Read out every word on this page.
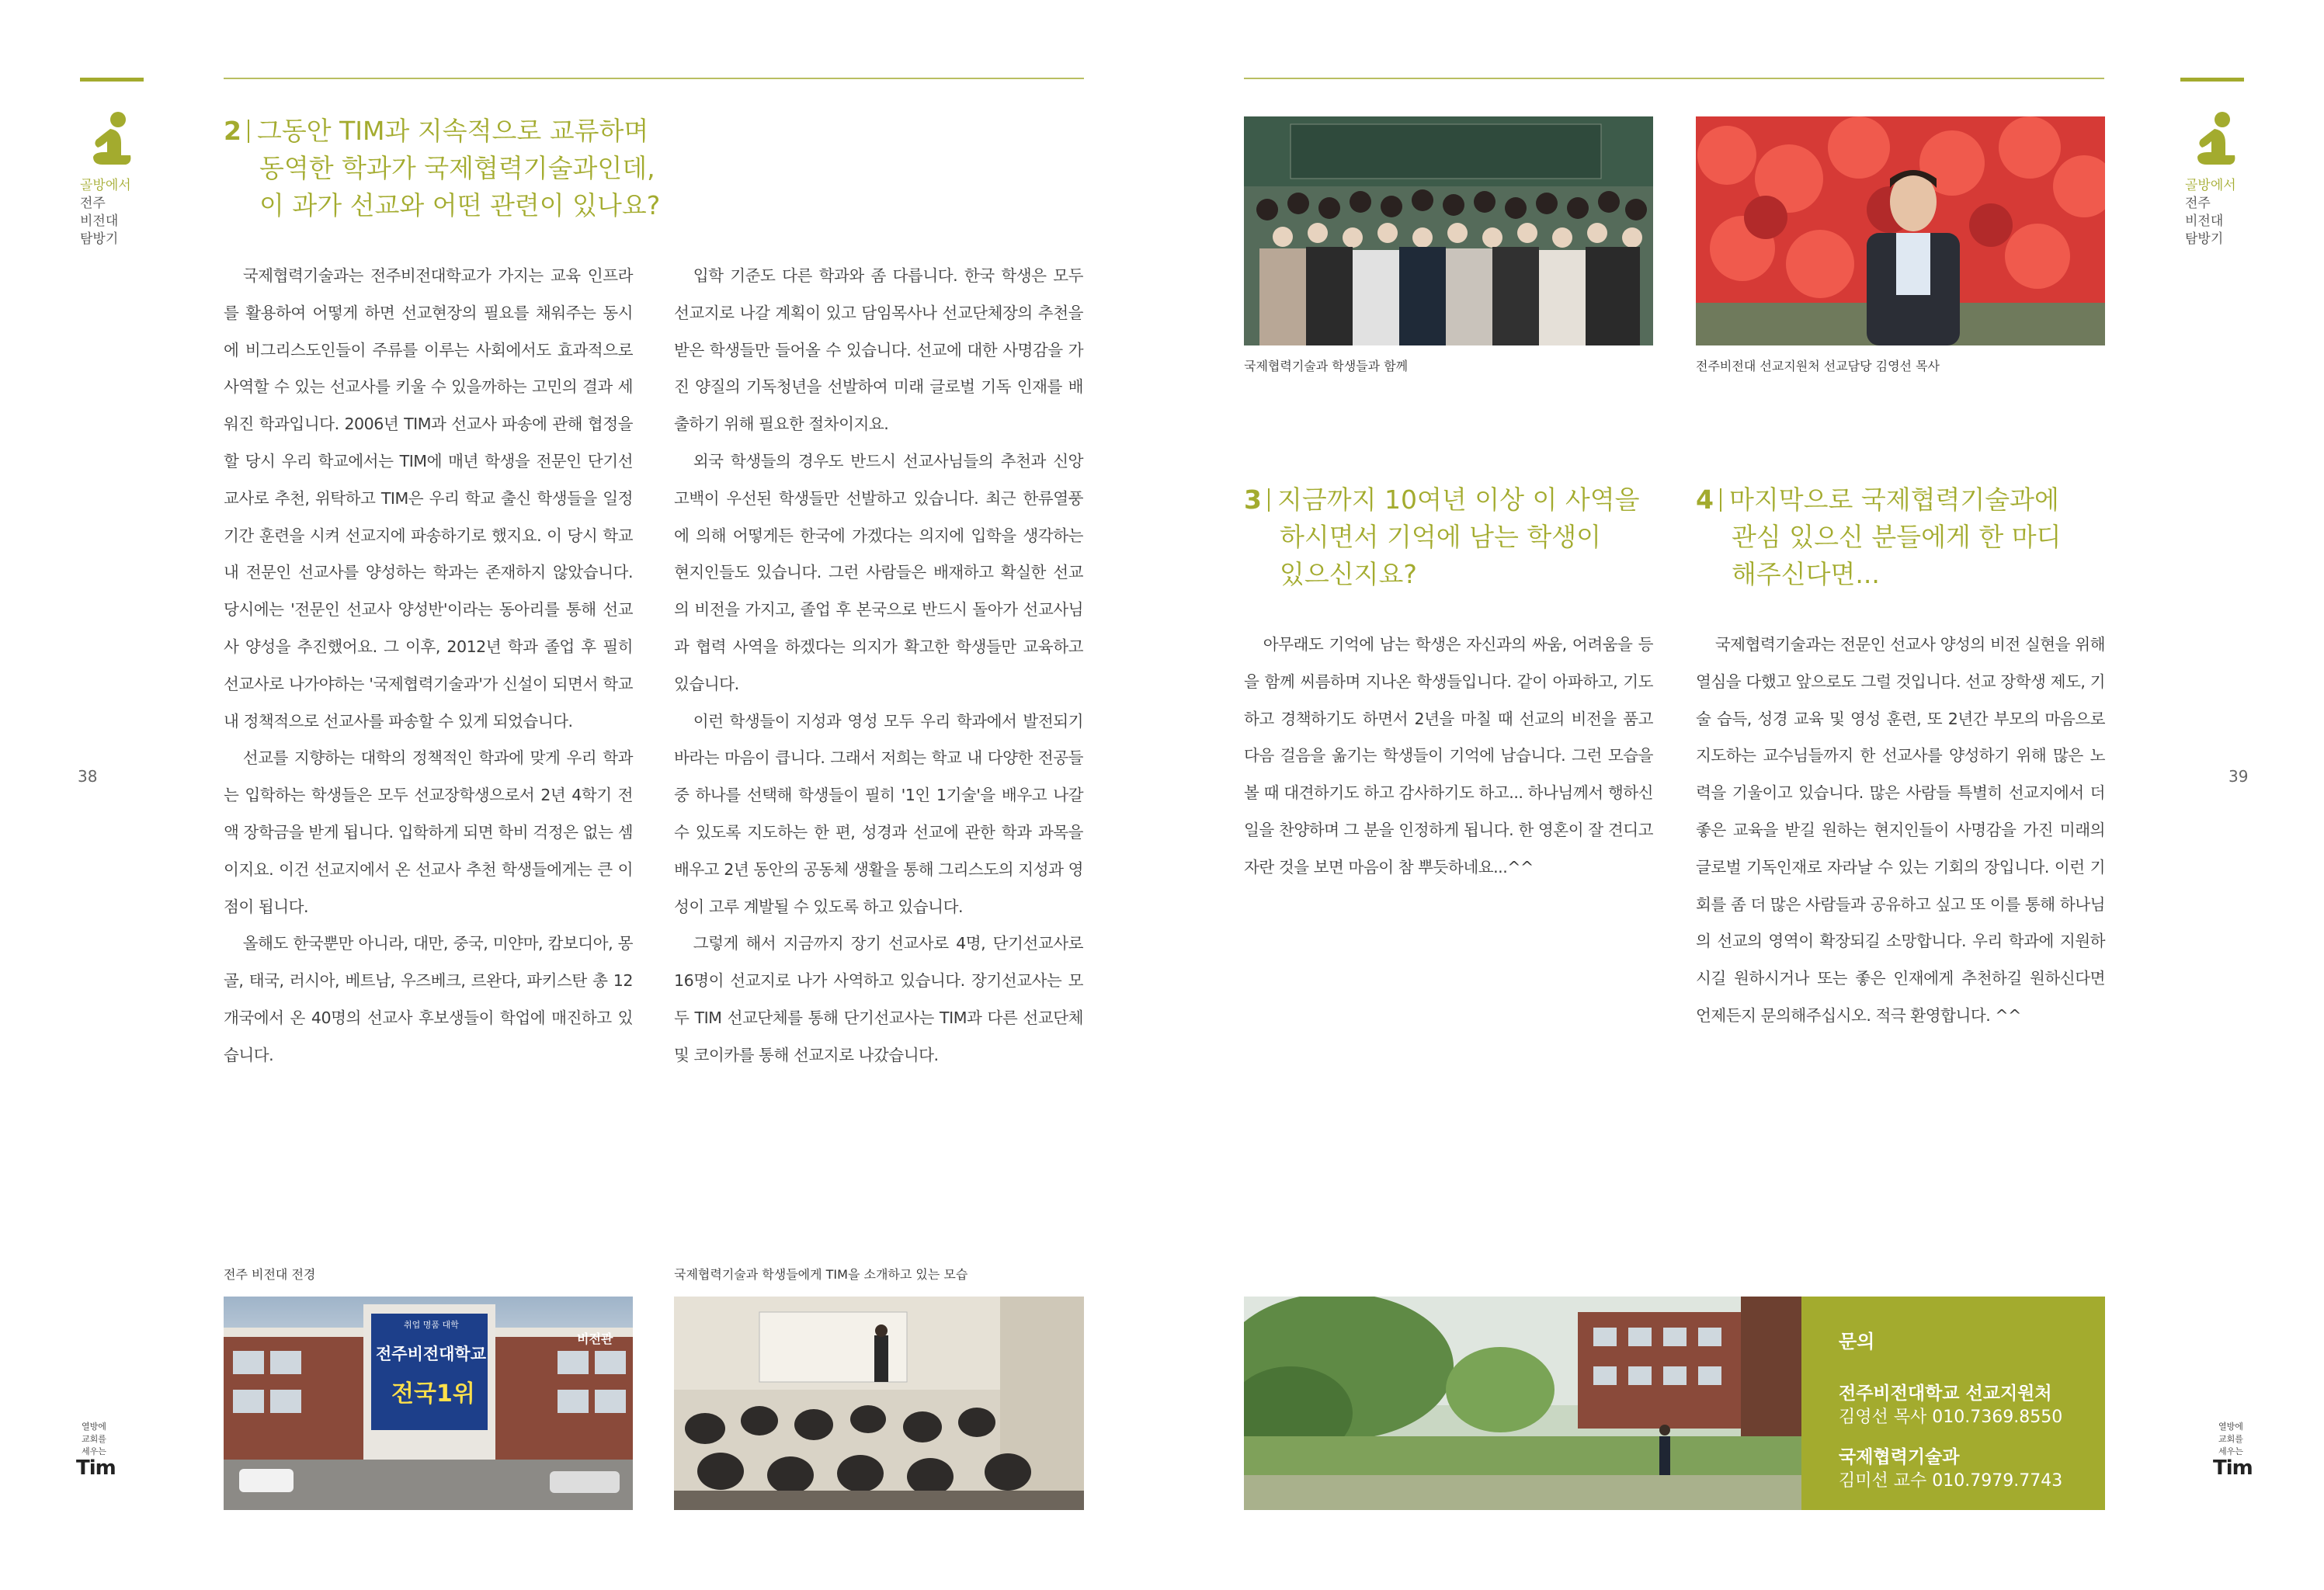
골방에서
전주
비전대
탐방기
2 그동안 TIM과 지속적으로 교류하며
동역한 학과가 국제협력기술과인데,
이 과가 선교와 어떤 관련이 있나요?

국제협력기술과는 전주비전대학교가 가지는 교육 인프라를 활용하여 어떻게 하면 선교현장의 필요를 채워주는 동시에 비그리스도인들이 주류를 이루는 사회에서도 효과적으로 사역할 수 있는 선교사를 키울 수 있을까하는 고민의 결과 세워진 학과입니다. 2006년 TIM과 선교사 파송에 관해 협정을 할 당시 우리 학교에서는 TIM에 매년 학생을 전문인 단기선교사로 추천, 위탁하고 TIM은 우리 학교 출신 학생들을 일정 기간 훈련을 시켜 선교지에 파송하기로 했지요. 이 당시 학교 내 전문인 선교사를 양성하는 학과는 존재하지 않았습니다. 당시에는 '전문인 선교사 양성반'이라는 동아리를 통해 선교사 양성을 추진했어요. 그 이후, 2012년 학과 졸업 후 필히 선교사로 나가야하는 '국제협력기술과'가 신설이 되면서 학교 내 정책적으로 선교사를 파송할 수 있게 되었습니다.

선교를 지향하는 대학의 정책적인 학과에 맞게 우리 학과는 입학하는 학생들은 모두 선교장학생으로서 2년 4학기 전액 장학금을 받게 됩니다. 입학하게 되면 학비 걱정은 없는 셈이지요. 이건 선교지에서 온 선교사 추천 학생들에게는 큰 이점이 됩니다.

올해도 한국뿐만 아니라, 대만, 중국, 미얀마, 캄보디아, 몽골, 태국, 러시아, 베트남, 우즈베크, 르완다, 파키스탄 총 12개국에서 온 40명의 선교사 후보생들이 학업에 매진하고 있습니다.

입학 기준도 다른 학과와 좀 다릅니다. 한국 학생은 모두 선교지로 나갈 계획이 있고 담임목사나 선교단체장의 추천을 받은 학생들만 들어올 수 있습니다. 선교에 대한 사명감을 가진 양질의 기독청년을 선발하여 미래 글로벌 기독 인재를 배출하기 위해 필요한 절차이지요.

외국 학생들의 경우도 반드시 선교사님들의 추천과 신앙 고백이 우선된 학생들만 선발하고 있습니다. 최근 한류열풍에 의해 어떻게든 한국에 가겠다는 의지에 입학을 생각하는 현지인들도 있습니다. 그런 사람들은 배재하고 확실한 선교의 비전을 가지고, 졸업 후 본국으로 반드시 돌아가 선교사님과 협력 사역을 하겠다는 의지가 확고한 학생들만 교육하고 있습니다.

이런 학생들이 지성과 영성 모두 우리 학과에서 발전되기 바라는 마음이 큽니다. 그래서 저희는 학교 내 다양한 전공들 중 하나를 선택해 학생들이 필히 '1인 1기술'을 배우고 나갈 수 있도록 지도하는 한 편, 성경과 선교에 관한 학과 과목을 배우고 2년 동안의 공동체 생활을 통해 그리스도의 지성과 영성이 고루 계발될 수 있도록 하고 있습니다.

그렇게 해서 지금까지 장기 선교사로 4명, 단기선교사로 16명이 선교지로 나가 사역하고 있습니다. 장기선교사는 모두 TIM 선교단체를 통해 단기선교사는 TIM과 다른 선교단체 및 코이카를 통해 선교지로 나갔습니다.

38
전주 비전대 전경	국제협력기술과 학생들에게 TIM을 소개하고 있는 모습
비전관
취업 명품 대학
전주비전대학교
전국1위
열방에
교회를
세우는
Tim
골방에서
전주
비전대
탐방기
국제협력기술과 학생들과 함께	전주비전대 선교지원처 선교담당 김영선 목사
3 지금까지 10여년 이상 이 사역을
하시면서 기억에 남는 학생이
있으신지요?
4 마지막으로 국제협력기술과에
관심 있으신 분들에게 한 마디
해주신다면...

아무래도 기억에 남는 학생은 자신과의 싸움, 어려움을 등을 함께 씨름하며 지나온 학생들입니다. 같이 아파하고, 기도하고 경책하기도 하면서 2년을 마칠 때 선교의 비전을 품고 다음 걸음을 옮기는 학생들이 기억에 남습니다. 그런 모습을 볼 때 대견하기도 하고 감사하기도 하고... 하나님께서 행하신 일을 찬양하며 그 분을 인정하게 됩니다. 한 영혼이 잘 견디고 자란 것을 보면 마음이 참 뿌듯하네요...^^

국제협력기술과는 전문인 선교사 양성의 비전 실현을 위해 열심을 다했고 앞으로도 그럴 것입니다. 선교 장학생 제도, 기술 습득, 성경 교육 및 영성 훈련, 또 2년간 부모의 마음으로 지도하는 교수님들까지 한 선교사를 양성하기 위해 많은 노력을 기울이고 있습니다. 많은 사람들 특별히 선교지에서 더 좋은 교육을 받길 원하는 현지인들이 사명감을 가진 미래의 글로벌 기독인재로 자라날 수 있는 기회의 장입니다. 이런 기회를 좀 더 많은 사람들과 공유하고 싶고 또 이를 통해 하나님의 선교의 영역이 확장되길 소망합니다. 우리 학과에 지원하시길 원하시거나 또는 좋은 인재에게 추천하길 원하신다면 언제든지 문의해주십시오. 적극 환영합니다. ^^

39
문의
전주비전대학교 선교지원처
김영선 목사 010.7369.8550
국제협력기술과
김미선 교수 010.7979.7743
열방에
교회를
세우는
Tim
